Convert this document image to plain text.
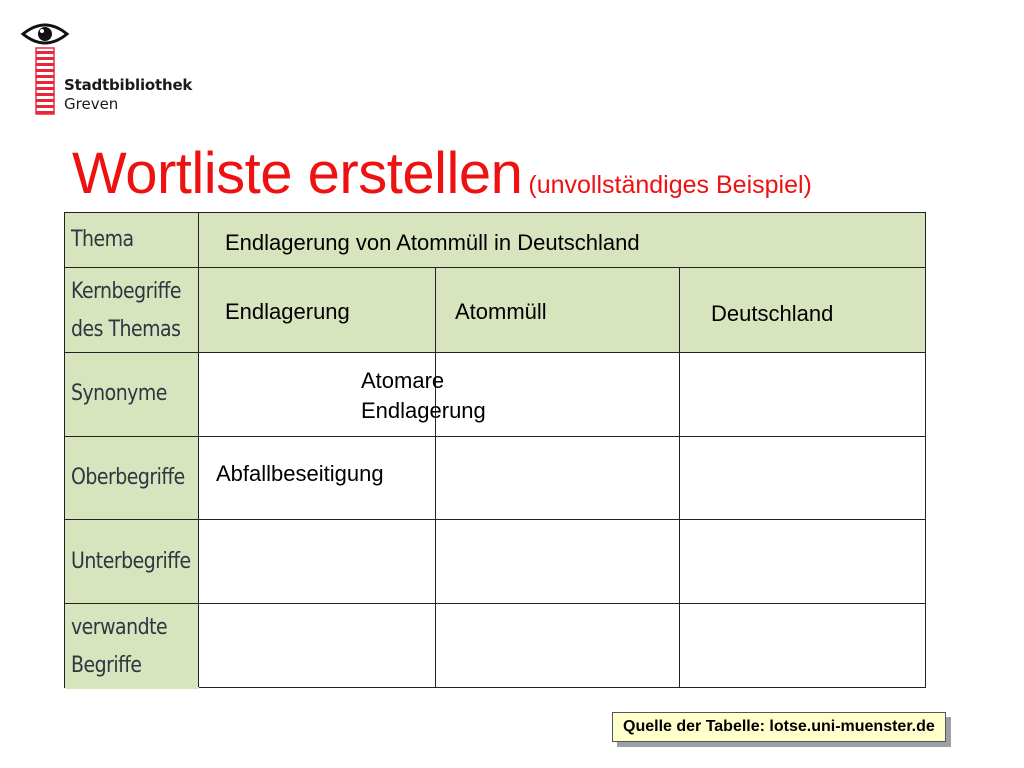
Stadtbibliothek
Greven
Wortliste erstellen (unvollständiges Beispiel)
Thema
Kernbegriffe
des Themas
Synonyme
Oberbegriffe
Unterbegriffe
verwandte
Begriffe
Endlagerung von Atommüll in Deutschland
Endlagerung	Atommüll	Deutschland
Atomare
Endlagerung
Abfallbeseitigung
Quelle der Tabelle: lotse.uni-muenster.de
